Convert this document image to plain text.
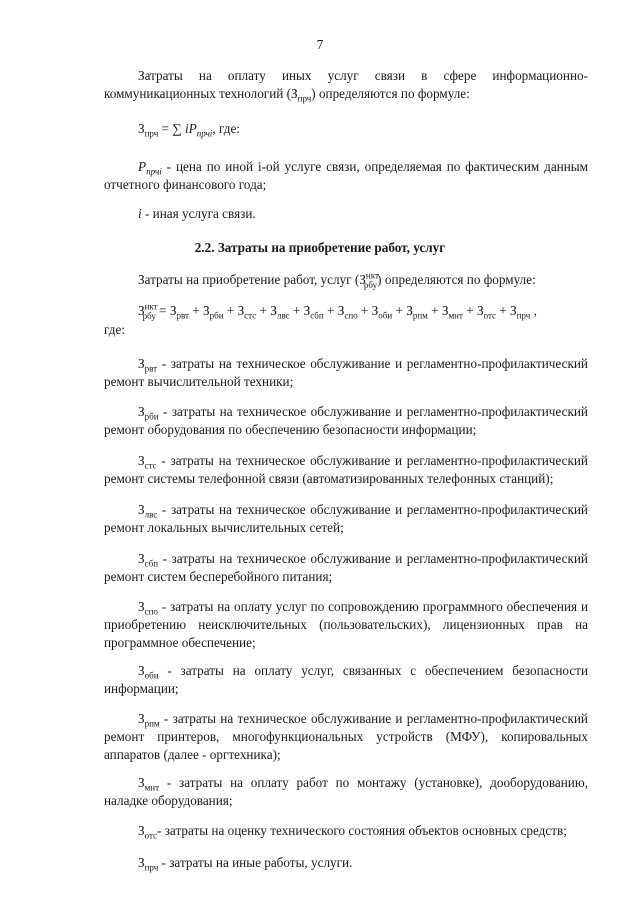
7
Затраты на оплату иных услуг связи в сфере информационно-коммуникационных технологий $(З_{прч})$ определяются по формуле:
$З_{прч}$ = ∑ $iP_{прчi}$, где:
$P_{прчi}$ - цена по иной i-ой услуге связи, определяемая по фактическим данным отчетного финансового года;
i - иная услуга связи.
2.2. Затраты на приобретение работ, услуг
Затраты на приобретение работ, услуг $(З^{нкт}_{рбу})$ определяются по формуле:
$З^{нкт}_{рбу} = З_{рвт} + З_{рби} + З_{стс} + З_{лвс} + З_{сбп} + З_{спо} + З_{оби} + З_{рпм} + З_{мнт} + З_{отс} + З_{прч}$ ,
где:
$З_{рвт}$ - затраты на техническое обслуживание и регламентно-профилактический ремонт вычислительной техники;
$З_{рби}$ - затраты на техническое обслуживание и регламентно-профилактический ремонт оборудования по обеспечению безопасности информации;
$З_{стс}$ - затраты на техническое обслуживание и регламентно-профилактический ремонт системы телефонной связи (автоматизированных телефонных станций);
$З_{лвс}$ - затраты на техническое обслуживание и регламентно-профилактический ремонт локальных вычислительных сетей;
$З_{сбп}$ - затраты на техническое обслуживание и регламентно-профилактический ремонт систем бесперебойного питания;
$З_{спо}$ - затраты на оплату услуг по сопровождению программного обеспечения и приобретению неисключительных (пользовательских), лицензионных прав на программное обеспечение;
$З_{оби}$ - затраты на оплату услуг, связанных с обеспечением безопасности информации;
$З_{рпм}$ - затраты на техническое обслуживание и регламентно-профилактический ремонт принтеров, многофункциональных устройств (МФУ), копировальных аппаратов (далее - оргтехника);
$З_{мнт}$ - затраты на оплату работ по монтажу (установке), дооборудованию, наладке оборудования;
$З_{отс}-$ затраты на оценку технического состояния объектов основных средств;
$З_{прч}$ - затраты на иные работы, услуги.
